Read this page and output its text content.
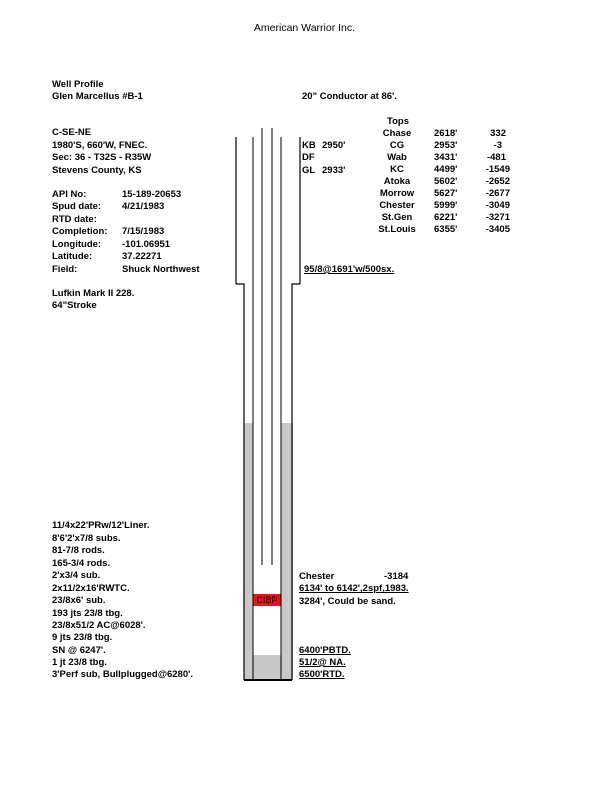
American Warrior Inc.
Well Profile
Glen Marcellus #B-1	20" Conductor at 86'.
C-SE-NE
1980'S, 660'W, FNEC.
Sec: 36 - T32S - R35W
Stevens County, KS
KB 2950'
DF
GL 2933'
API No:	15-189-20653
Spud date: 4/21/1983
RTD date:
Completion: 7/15/1983
Longitude: -101.06951
Latitude:	37.22271
Field:	Shuck Northwest
Lufkin Mark II 228.
64"Stroke
Tops
Chase	2618'	332
CG	2953'	-3
Wab	3431'	-481
KC	4499'	-1549
Atoka	5602'	-2652
Morrow	5627'	-2677
Chester	5999'	-3049
St.Gen	6221'	-3271
St.Louis	6355'	-3405
95/8@1691'w/500sx.
CIBP
11/4x22'PRw/12'Liner.
8'6'2'x7/8 subs.
81-7/8 rods.
165-3/4 rods.
2'x3/4 sub.
2x11/2x16'RWTC.
23/8x6' sub.
193 jts 23/8 tbg.
23/8x51/2 AC@6028'.
9 jts 23/8 tbg.
SN @ 6247'.
1 jt 23/8 tbg.
3'Perf sub, Bullplugged@6280'.
Chester	-3184
6134' to 6142',2spf,1983.
3284', Could be sand.
6400'PBTD.
51/2@ NA.
6500'RTD.
